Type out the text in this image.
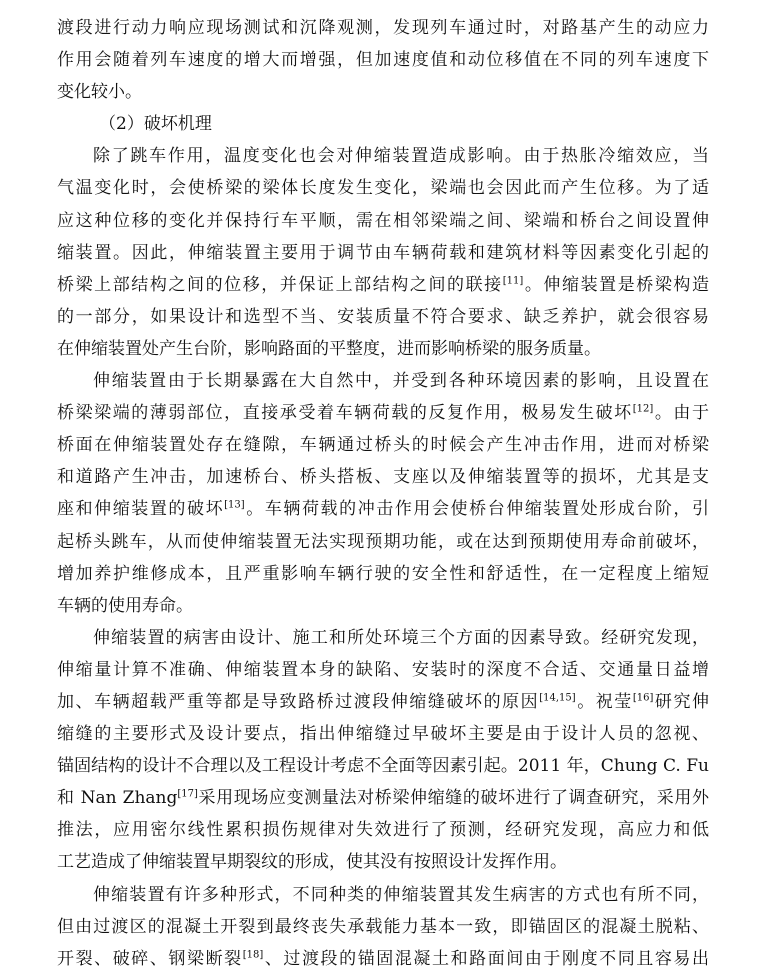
渡段进行动力响应现场测试和沉降观测，发现列车通过时，对路基产生的动应力
作用会随着列车速度的增大而增强，但加速度值和动位移值在不同的列车速度下
变化较小。
（2）破坏机理
除了跳车作用，温度变化也会对伸缩装置造成影响。由于热胀冷缩效应，当
气温变化时，会使桥梁的梁体长度发生变化，梁端也会因此而产生位移。为了适
应这种位移的变化并保持行车平顺，需在相邻梁端之间、梁端和桥台之间设置伸
缩装置。因此，伸缩装置主要用于调节由车辆荷载和建筑材料等因素变化引起的
桥梁上部结构之间的位移，并保证上部结构之间的联接[11]。伸缩装置是桥梁构造
的一部分，如果设计和选型不当、安装质量不符合要求、缺乏养护，就会很容易
在伸缩装置处产生台阶，影响路面的平整度，进而影响桥梁的服务质量。
伸缩装置由于长期暴露在大自然中，并受到各种环境因素的影响，且设置在
桥梁梁端的薄弱部位，直接承受着车辆荷载的反复作用，极易发生破坏[12]。由于
桥面在伸缩装置处存在缝隙，车辆通过桥头的时候会产生冲击作用，进而对桥梁
和道路产生冲击，加速桥台、桥头搭板、支座以及伸缩装置等的损坏，尤其是支
座和伸缩装置的破坏[13]。车辆荷载的冲击作用会使桥台伸缩装置处形成台阶，引
起桥头跳车，从而使伸缩装置无法实现预期功能，或在达到预期使用寿命前破坏，
增加养护维修成本，且严重影响车辆行驶的安全性和舒适性，在一定程度上缩短
车辆的使用寿命。
伸缩装置的病害由设计、施工和所处环境三个方面的因素导致。经研究发现，
伸缩量计算不准确、伸缩装置本身的缺陷、安装时的深度不合适、交通量日益增
加、车辆超载严重等都是导致路桥过渡段伸缩缝破坏的原因[14,15]。祝莹[16]研究伸
缩缝的主要形式及设计要点，指出伸缩缝过早破坏主要是由于设计人员的忽视、
锚固结构的设计不合理以及工程设计考虑不全面等因素引起。2011 年，Chung C. Fu
和 Nan Zhang[17]采用现场应变测量法对桥梁伸缩缝的破坏进行了调查研究，采用外
推法，应用密尔线性累积损伤规律对失效进行了预测，经研究发现，高应力和低
工艺造成了伸缩装置早期裂纹的形成，使其没有按照设计发挥作用。
伸缩装置有许多种形式，不同种类的伸缩装置其发生病害的方式也有所不同，
但由过渡区的混凝土开裂到最终丧失承载能力基本一致，即锚固区的混凝土脱粘、
开裂、破碎、钢梁断裂[18]、过渡段的锚固混凝土和路面间由于刚度不同且容易出
